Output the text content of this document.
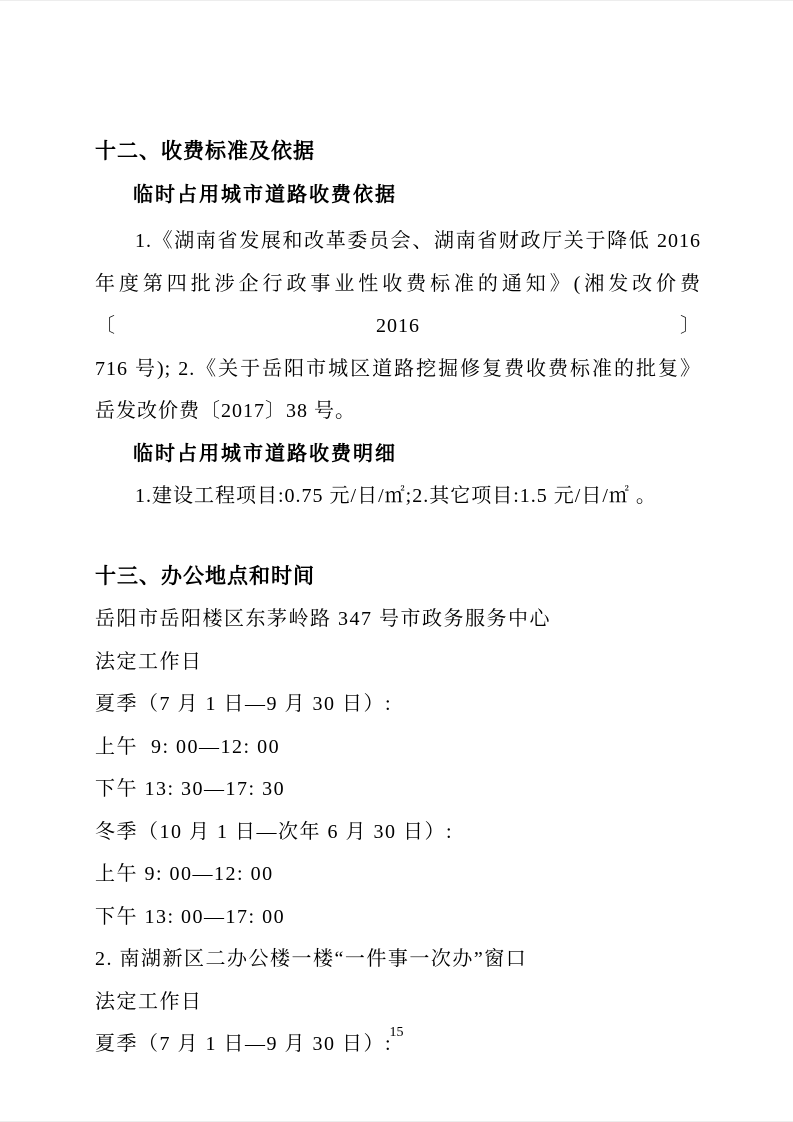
十二、收费标准及依据
临时占用城市道路收费依据
1.《湖南省发展和改革委员会、湖南省财政厅关于降低 2016
年度第四批涉企行政事业性收费标准的通知》(湘发改价费〔2016〕
716 号); 2.《关于岳阳市城区道路挖掘修复费收费标准的批复》
岳发改价费〔2017〕38 号。
临时占用城市道路收费明细
1.建设工程项目:0.75 元/日/㎡;2.其它项目:1.5 元/日/㎡ 。
十三、办公地点和时间
岳阳市岳阳楼区东茅岭路 347 号市政务服务中心
法定工作日
夏季（7 月 1 日—9 月 30 日）:
上午  9: 00—12: 00
下午 13: 30—17: 30
冬季（10 月 1 日—次年 6 月 30 日）:
上午 9: 00—12: 00
下午 13: 00—17: 00
2. 南湖新区二办公楼一楼“一件事一次办”窗口
法定工作日
夏季（7 月 1 日—9 月 30 日）:
15
